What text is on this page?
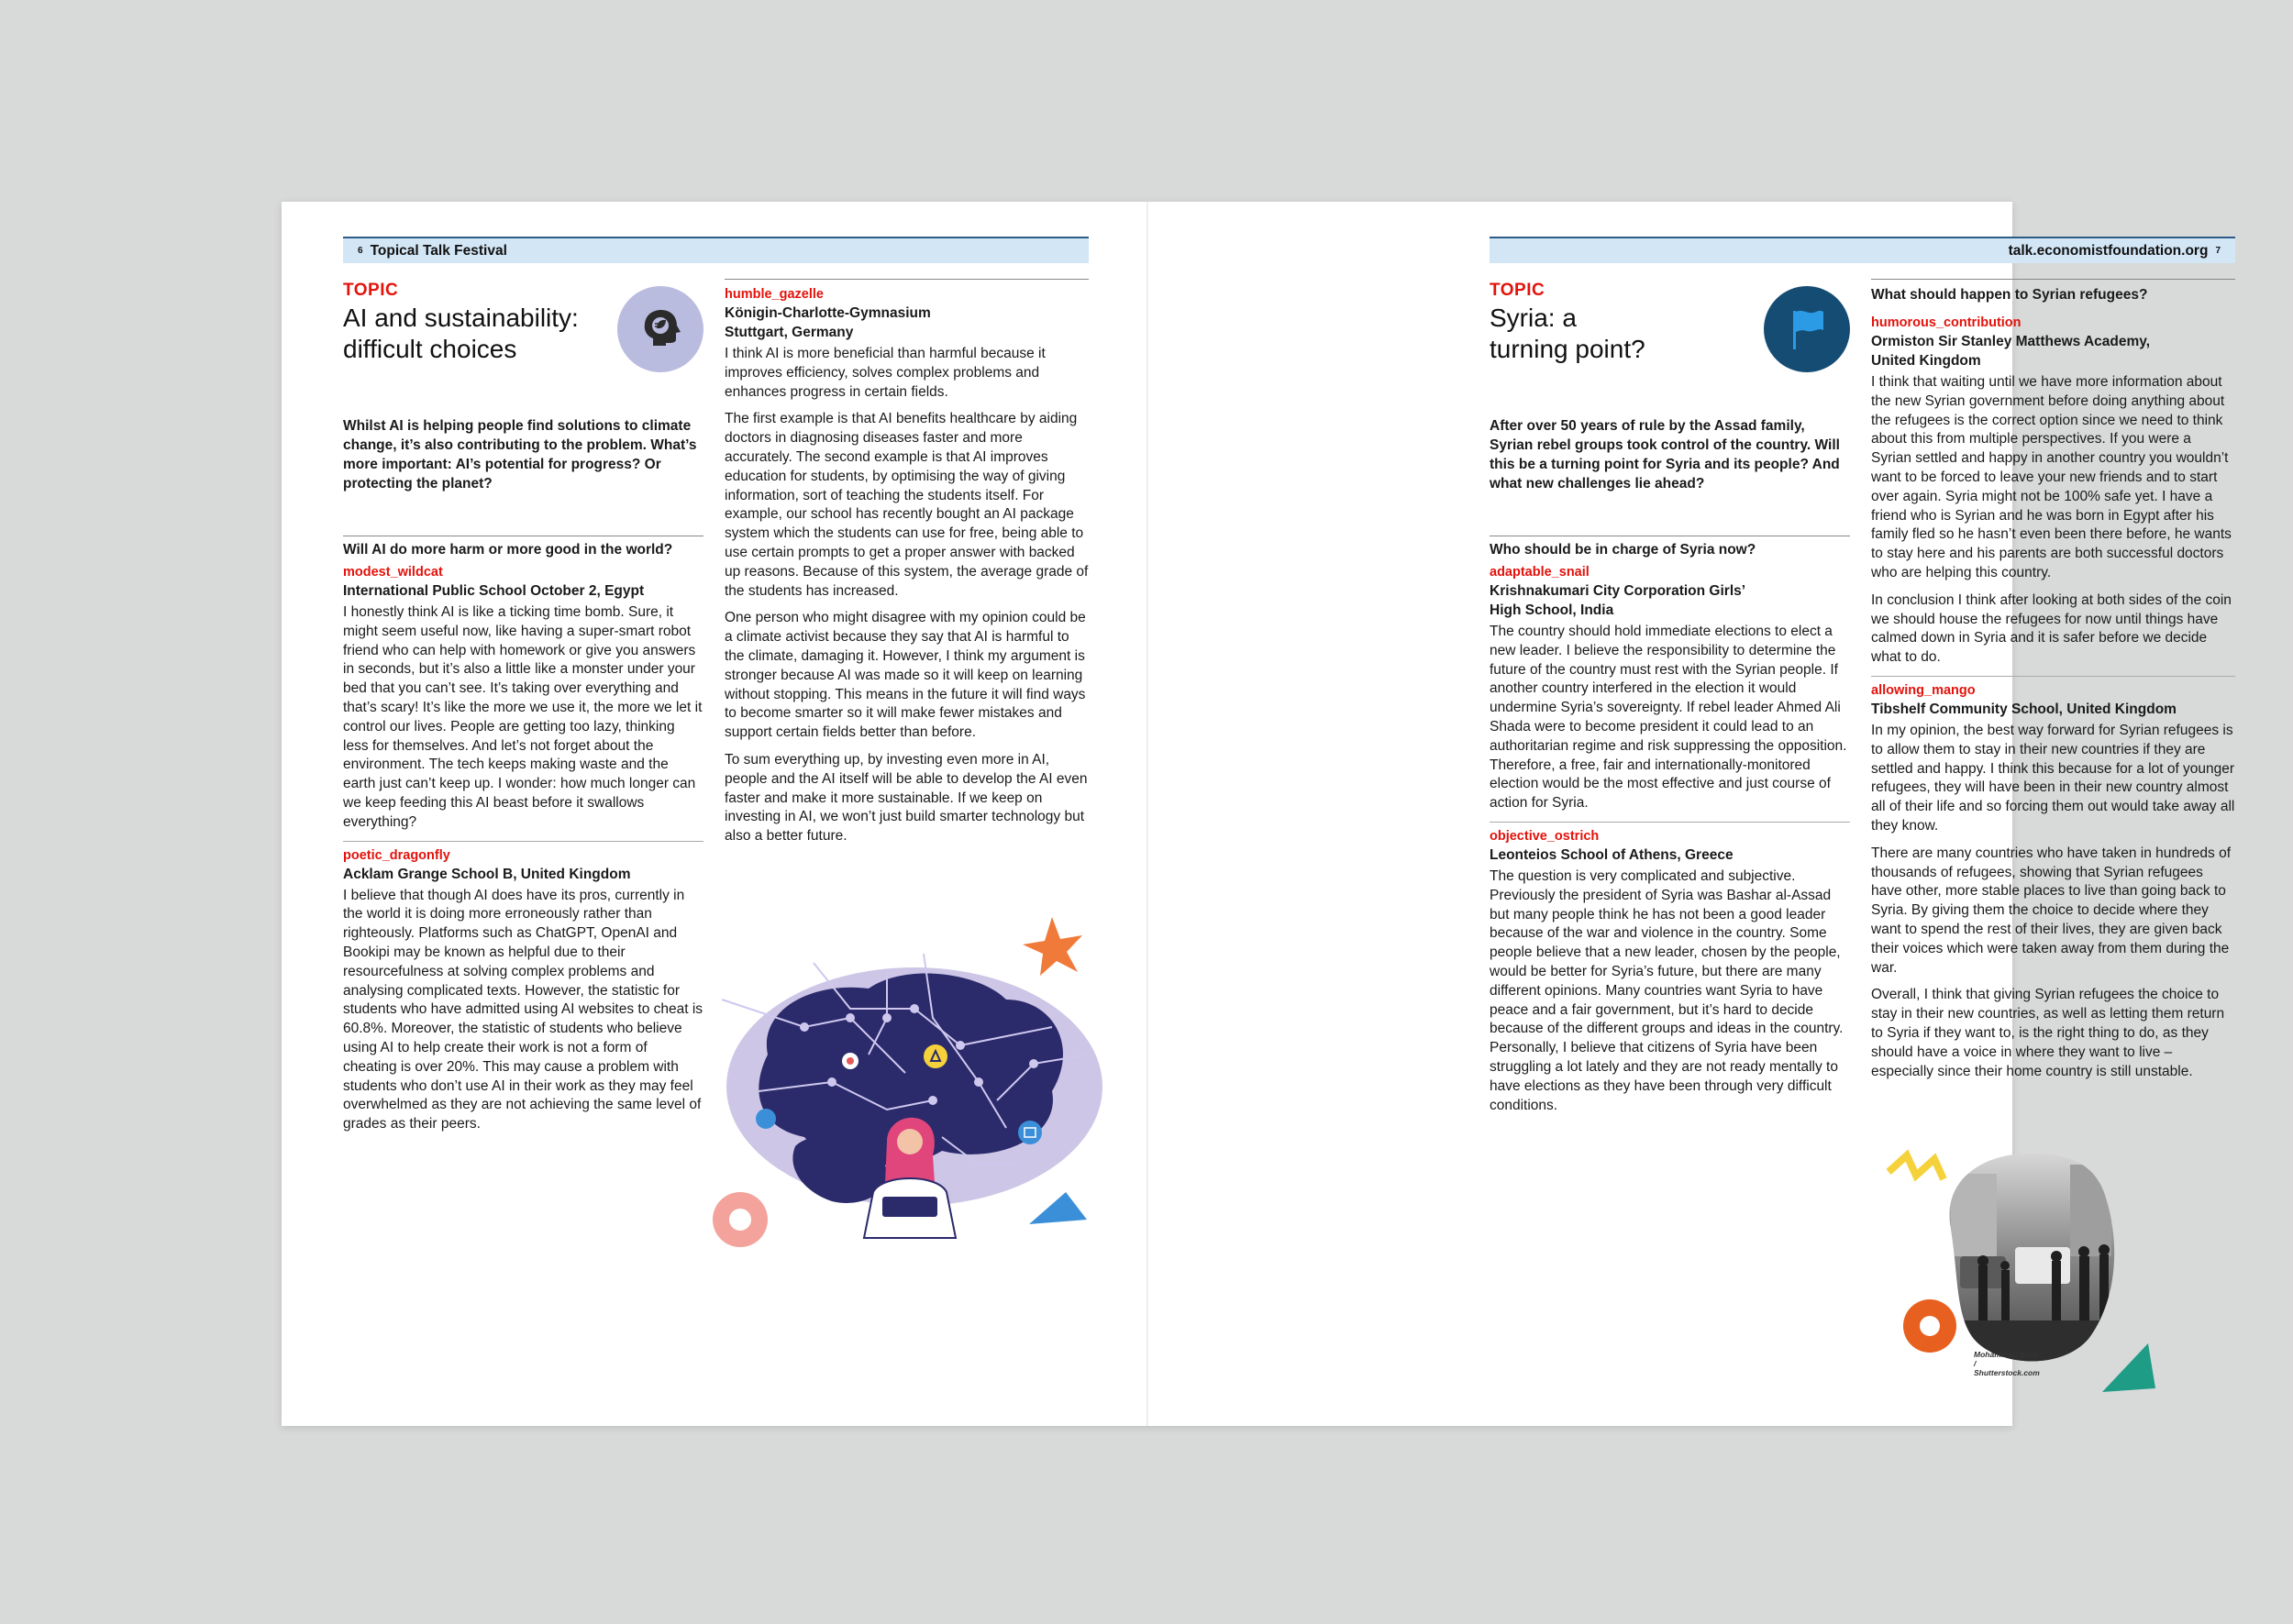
6 Topical Talk Festival
TOPIC
AI and sustainability:
difficult choices
Whilst AI is helping people find solutions to climate change, it’s also contributing to the problem. What’s more important: AI’s potential for progress? Or protecting the planet?
Will AI do more harm or more good in the world?
modest_wildcat
International Public School October 2, Egypt

I honestly think AI is like a ticking time bomb. Sure, it might seem useful now, like having a super-smart robot friend who can help with homework or give you answers in seconds, but it’s also a little like a monster under your bed that you can’t see. It’s taking over everything and that’s scary! It’s like the more we use it, the more we let it control our lives. People are getting too lazy, thinking less for themselves. And let’s not forget about the environment. The tech keeps making waste and the earth just can’t keep up. I wonder: how much longer can we keep feeding this AI beast before it swallows everything?

poetic_dragonfly
Acklam Grange School B, United Kingdom

I believe that though AI does have its pros, currently in the world it is doing more erroneously rather than righteously. Platforms such as ChatGPT, OpenAI and Bookipi may be known as helpful due to their resourcefulness at solving complex problems and analysing complicated texts. However, the statistic for students who have admitted using AI websites to cheat is 60.8%. Moreover, the statistic of students who believe using AI to help create their work is not a form of cheating is over 20%. This may cause a problem with students who don’t use AI in their work as they may feel overwhelmed as they are not achieving the same level of grades as their peers.

humble_gazelle
Königin-Charlotte-Gymnasium
Stuttgart, Germany

I think AI is more beneficial than harmful because it improves efficiency, solves complex problems and enhances progress in certain fields.

The first example is that AI benefits healthcare by aiding doctors in diagnosing diseases faster and more accurately. The second example is that AI improves education for students, by optimising the way of giving information, sort of teaching the students itself. For example, our school has recently bought an AI package system which the students can use for free, being able to use certain prompts to get a proper answer with backed up reasons. Because of this system, the average grade of the students has increased.

One person who might disagree with my opinion could be a climate activist because they say that AI is harmful to the climate, damaging it. However, I think my argument is stronger because AI was made so it will keep on learning without stopping. This means in the future it will find ways to become smarter so it will make fewer mistakes and support certain fields better than before.

To sum everything up, by investing even more in AI, people and the AI itself will be able to develop the AI even faster and make it more sustainable. If we keep on investing in AI, we won’t just build smarter technology but also a better future.

talk.economistfoundation.org 7
TOPIC
Syria: a
turning point?
After over 50 years of rule by the Assad family, Syrian rebel groups took control of the country. Will this be a turning point for Syria and its people? And what new challenges lie ahead?
Who should be in charge of Syria now?
adaptable_snail
Krishnakumari City Corporation Girls’
High School, India

The country should hold immediate elections to elect a new leader. I believe the responsibility to determine the future of the country must rest with the Syrian people. If another country interfered in the election it would undermine Syria’s sovereignty. If rebel leader Ahmed Ali Shada were to become president it could lead to an authoritarian regime and risk suppressing the opposition. Therefore, a free, fair and internationally-monitored election would be the most effective and just course of action for Syria.

objective_ostrich
Leonteios School of Athens, Greece

The question is very complicated and subjective. Previously the president of Syria was Bashar al-Assad but many people think he has not been a good leader because of the war and violence in the country. Some people believe that a new leader, chosen by the people, would be better for Syria’s future, but there are many different opinions. Many countries want Syria to have peace and a fair government, but it’s hard to decide because of the different groups and ideas in the country. Personally, I believe that citizens of Syria have been struggling a lot lately and they are not ready mentally to have elections as they have been through very difficult conditions.

What should happen to Syrian refugees?
humorous_contribution
Ormiston Sir Stanley Matthews Academy,
United Kingdom

I think that waiting until we have more information about the new Syrian government before doing anything about the refugees is the correct option since we need to think about this from multiple perspectives. If you were a Syrian settled and happy in another country you wouldn’t want to be forced to leave your new friends and to start over again. Syria might not be 100% safe yet. I have a friend who is Syrian and he was born in Egypt after his family fled so he hasn’t even been there before, he wants to stay here and his parents are both successful doctors who are helping this country.

In conclusion I think after looking at both sides of the coin we should house the refugees for now until things have calmed down in Syria and it is safer before we decide what to do.

allowing_mango
Tibshelf Community School, United Kingdom

In my opinion, the best way forward for Syrian refugees is to allow them to stay in their new countries if they are settled and happy. I think this because for a lot of younger refugees, they will have been in their new country almost all of their life and so forcing them out would take away all they know.

There are many countries who have taken in hundreds of thousands of refugees, showing that Syrian refugees have other, more stable places to live than going back to Syria. By giving them the choice to decide where they want to spend the rest of their lives, they are given back their voices which were taken away from them during the war.

Overall, I think that giving Syrian refugees the choice to stay in their new countries, as well as letting them return to Syria if they want to, is the right thing to do, as they should have a voice in where they want to live – especially since their home country is still unstable.

Mohammad Bash /
Shutterstock.com
